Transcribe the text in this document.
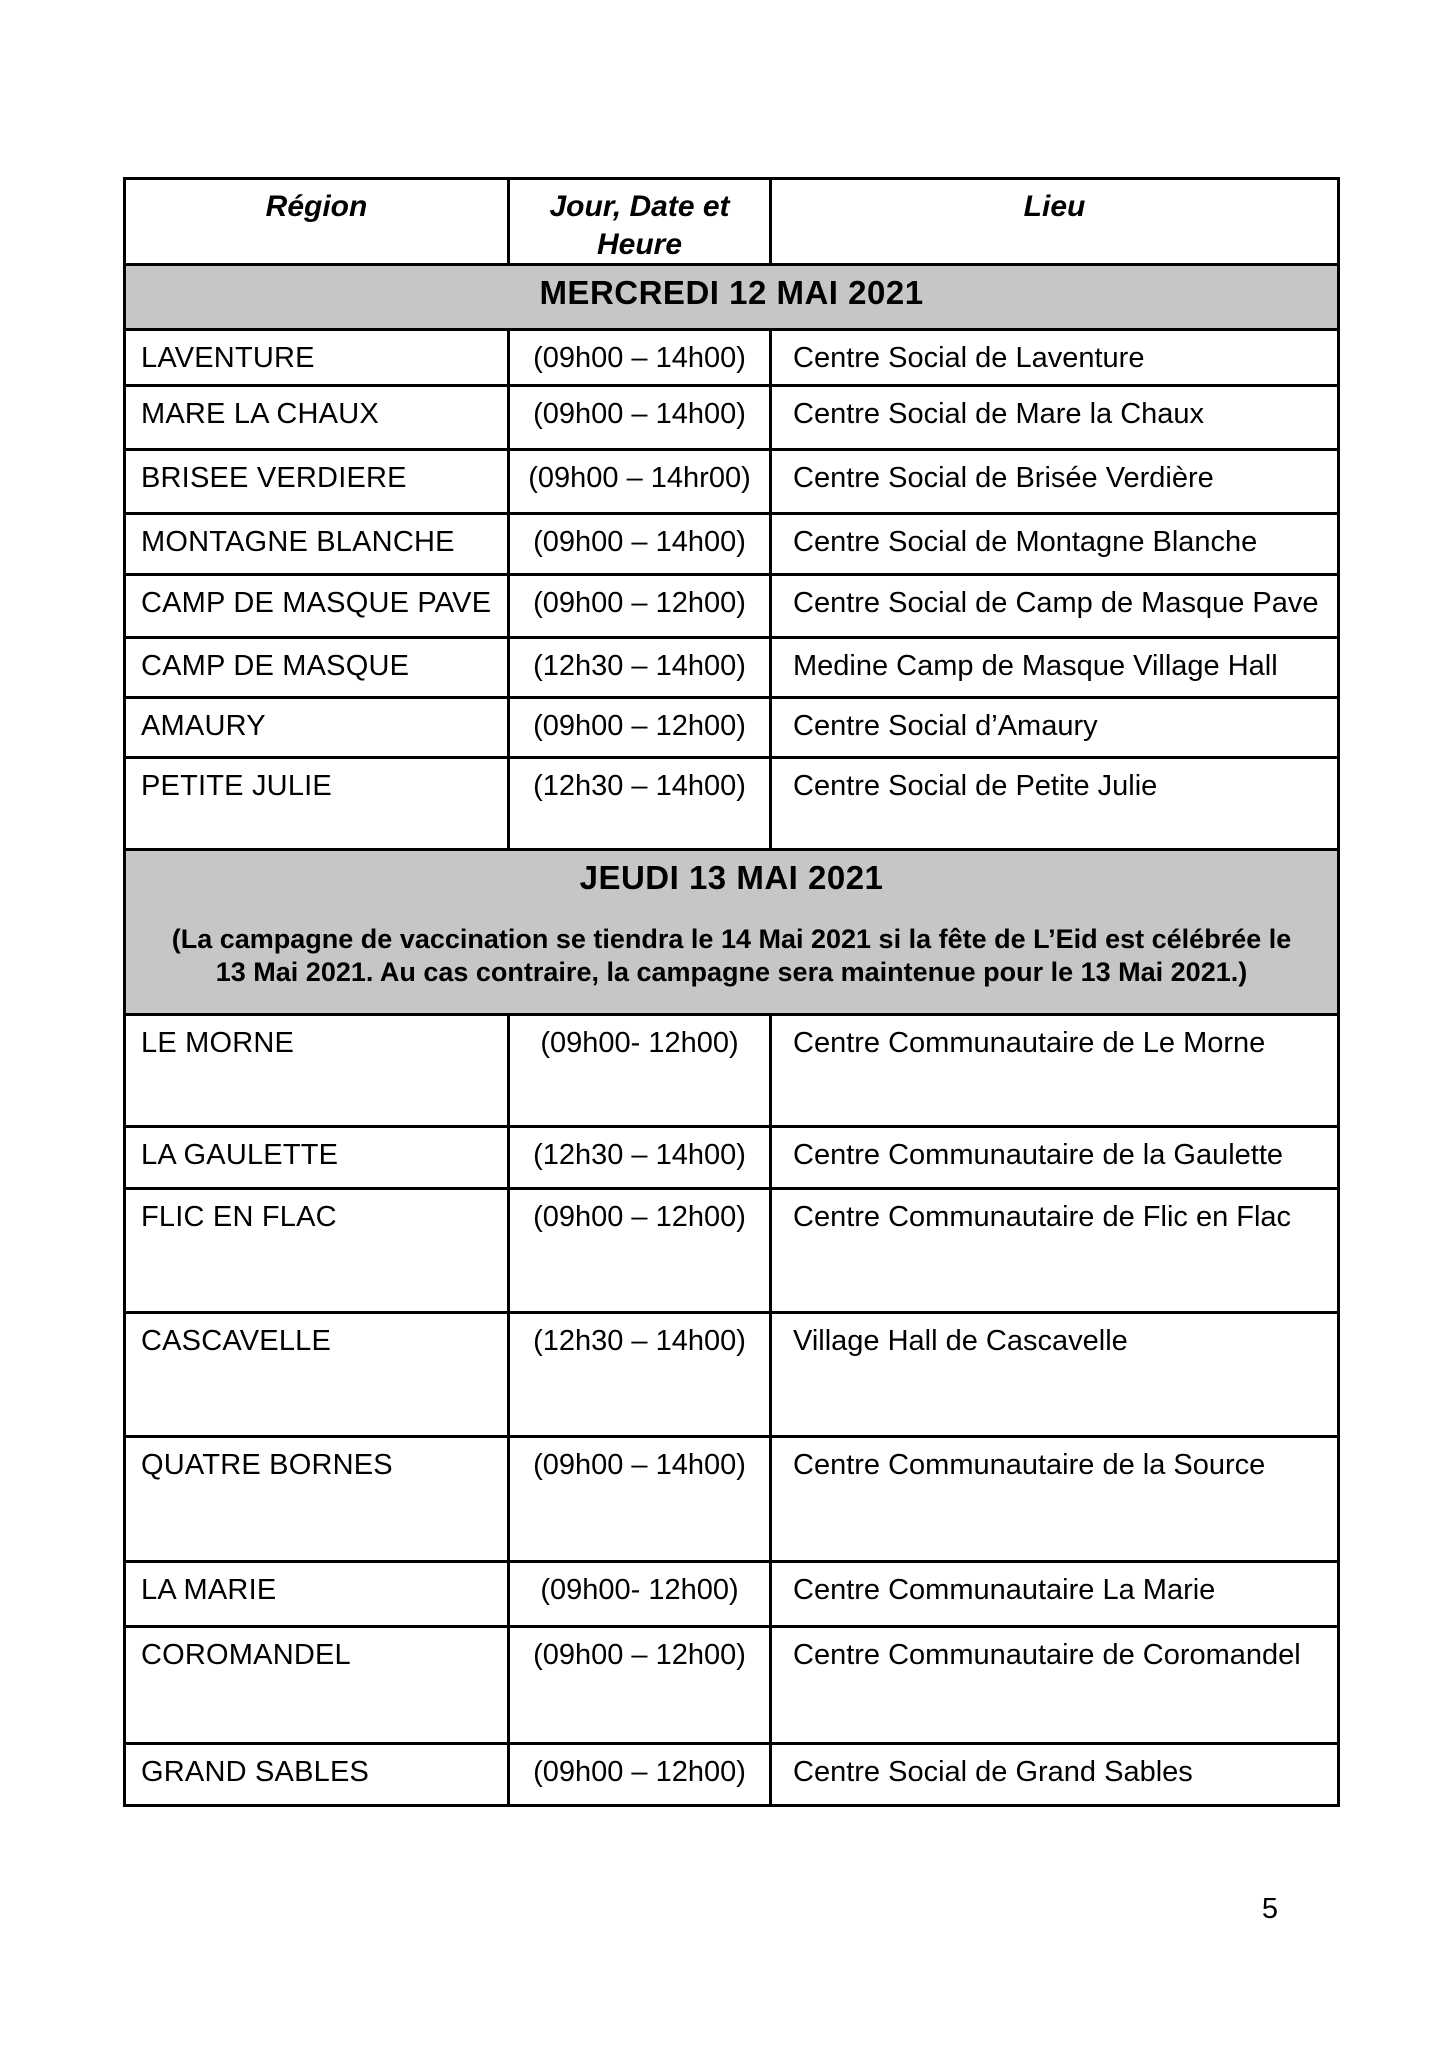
Région	Jour, Date et Heure	Lieu

MERCREDI 12 MAI 2021		

LAVENTURE	(09h00 – 14h00)	Centre Social de Laventure
MARE LA CHAUX	(09h00 – 14h00)	Centre Social de Mare la Chaux
BRISEE VERDIERE	(09h00 – 14hr00)	Centre Social de Brisée Verdière
MONTAGNE BLANCHE	(09h00 – 14h00)	Centre Social de Montagne Blanche
CAMP DE MASQUE PAVE	(09h00 – 12h00)	Centre Social de Camp de Masque Pave
CAMP DE MASQUE	(12h30 – 14h00)	Medine Camp de Masque Village Hall
AMAURY	(09h00 – 12h00)	Centre Social d’Amaury
PETITE JULIE	(12h30 – 14h00)	Centre Social de Petite Julie

JEUDI 13 MAI 2021
(La campagne de vaccination se tiendra le 14 Mai 2021 si la fête de L’Eid est célébrée le 13 Mai 2021. Au cas contraire, la campagne sera maintenue pour le 13 Mai 2021.)		

LE MORNE	(09h00- 12h00)	Centre Communautaire de Le Morne
LA GAULETTE	(12h30 – 14h00)	Centre Communautaire de la Gaulette
FLIC EN FLAC	(09h00 – 12h00)	Centre Communautaire de Flic en Flac
CASCAVELLE	(12h30 – 14h00)	Village Hall de Cascavelle
QUATRE BORNES	(09h00 – 14h00)	Centre Communautaire de la Source
LA MARIE	(09h00- 12h00)	Centre Communautaire La Marie
COROMANDEL	(09h00 – 12h00)	Centre Communautaire de Coromandel
GRAND SABLES	(09h00 – 12h00)	Centre Social de Grand Sables
5
